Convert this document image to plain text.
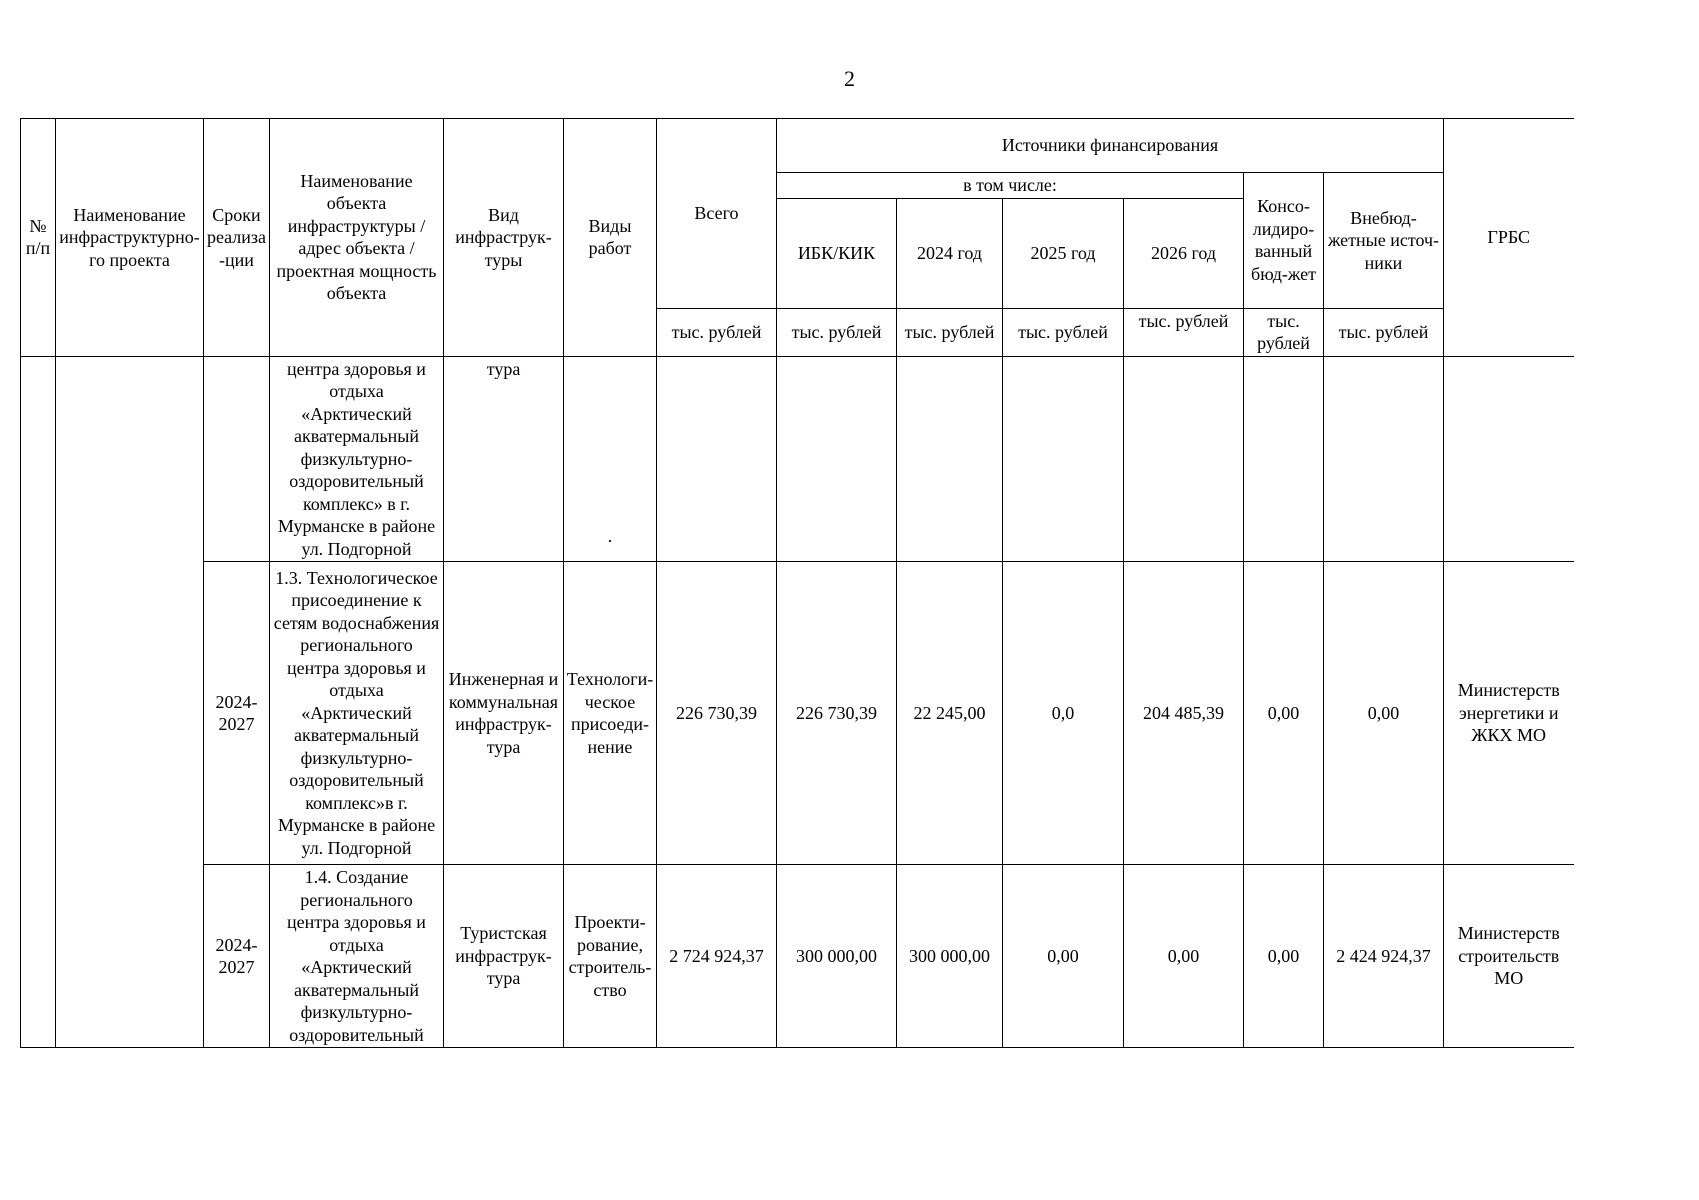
2
№ п/п	Наименование инфраструктурно-го проекта	Сроки реализа -ции	Наименование объекта инфраструктуры / адрес объекта / проектная мощность объекта	Вид инфраструк-туры	Виды работ	Всего	Источники финансирования						ГРБС
							в том числе:				Консо-лидиро-ванный бюд-жет	Внебюд-жетные источ-ники	
							ИБК/КИК	2024 год	2025 год	2026 год			
						тыс. рублей	тыс. рублей	тыс. рублей	тыс. рублей	тыс. рублей	тыс. рублей	тыс. рублей	
			центра здоровья и отдыха «Арктический акватермальный физкультурно-оздоровительный комплекс» в г. Мурманске в районе ул. Подгорной	тура	.								
		2024-2027	1.3. Технологическое присоединение к сетям водоснабжения регионального центра здоровья и отдыха «Арктический акватермальный физкультурно-оздоровительный комплекс»в г. Мурманске в районе ул. Подгорной	Инженерная и коммунальная инфраструк-тура	Технологи-ческое присоеди-нение	226 730,39	226 730,39	22 245,00	0,0	204 485,39	0,00	0,00	Министерств энергетики и ЖКХ МО
		2024-2027	1.4. Создание регионального центра здоровья и отдыха «Арктический акватермальный физкультурно-оздоровительный	Туристская инфраструк-тура	Проекти-рование, строитель-ство	2 724 924,37	300 000,00	300 000,00	0,00	0,00	0,00	2 424 924,37	Министерств строительств МО
